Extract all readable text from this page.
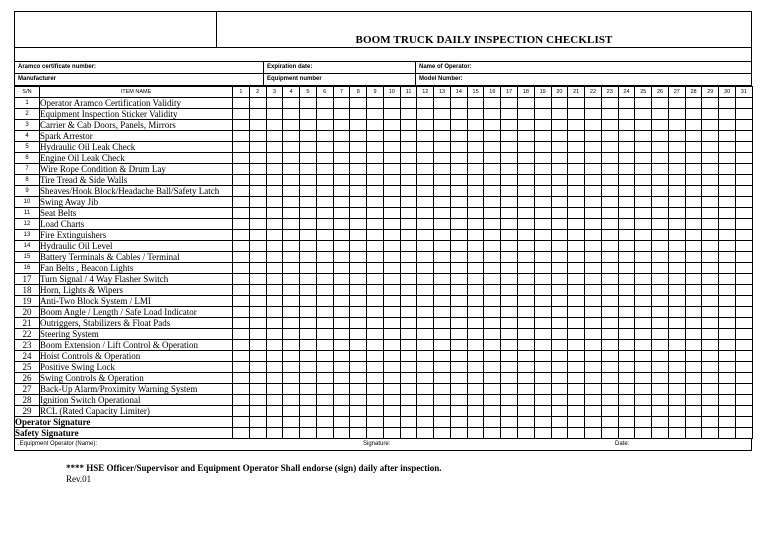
BOOM TRUCK DAILY INSPECTION CHECKLIST
Aramco certificate number:	Expiration date:	Name of Operator:
Manufacturer	Equipment number	Model Number:
S/N	ITEM NAME	1	2	3	4	5	6	7	8	9	10	11	12	13	14	15	16	17	18	19	20	21	22	23	24	25	26	27	28	29	30	31
1	Operator Aramco Certification Validity																															
2	Equipment Inspection Sticker Validity																															
3	Carrier & Cab Doors, Panels, Mirrors																															
4	Spark Arrestor																															
5	Hydraulic Oil Leak Check																															
6	Engine Oil Leak Check																															
7	Wire Rope Condition & Drum Lay																															
8	Tire Tread & Side Walls																															
9	Sheaves/Hook Block/Headache Ball/Safety Latch																															
10	Swing Away Jib																															
11	Seat Belts																															
12	Load Charts																															
13	Fire Extinguishers																															
14	Hydraulic Oil Level																															
15	Battery Terminals & Cables / Terminal																															
16	Fan Belts , Beacon Lights																															
17	Turn Signal / 4 Way Flasher Switch																															
18	Horn, Lights & Wipers																															
19	Anti-Two Block System / LMI																															
20	Boom Angle / Length / Safe Load Indicator																															
21	Outriggers, Stabilizers & Float Pads																															
22	Steering System																															
23	Boom Extension / Lift Control & Operation																															
24	Hoist Controls & Operation																															
25	Positive Swing Lock																															
26	Swing Controls & Operation																															
27	Back-Up Alarm/Proximity Warning System																															
28	Ignition Switch Operational																															
29	RCL (Rated Capacity Limiter)																															
Operator Signature																																
Safety Signature																																
.Equipment Operator (Name):	Signature:	Date:
**** HSE Officer/Supervisor and Equipment Operator Shall endorse (sign) daily after inspection.
Rev.01
